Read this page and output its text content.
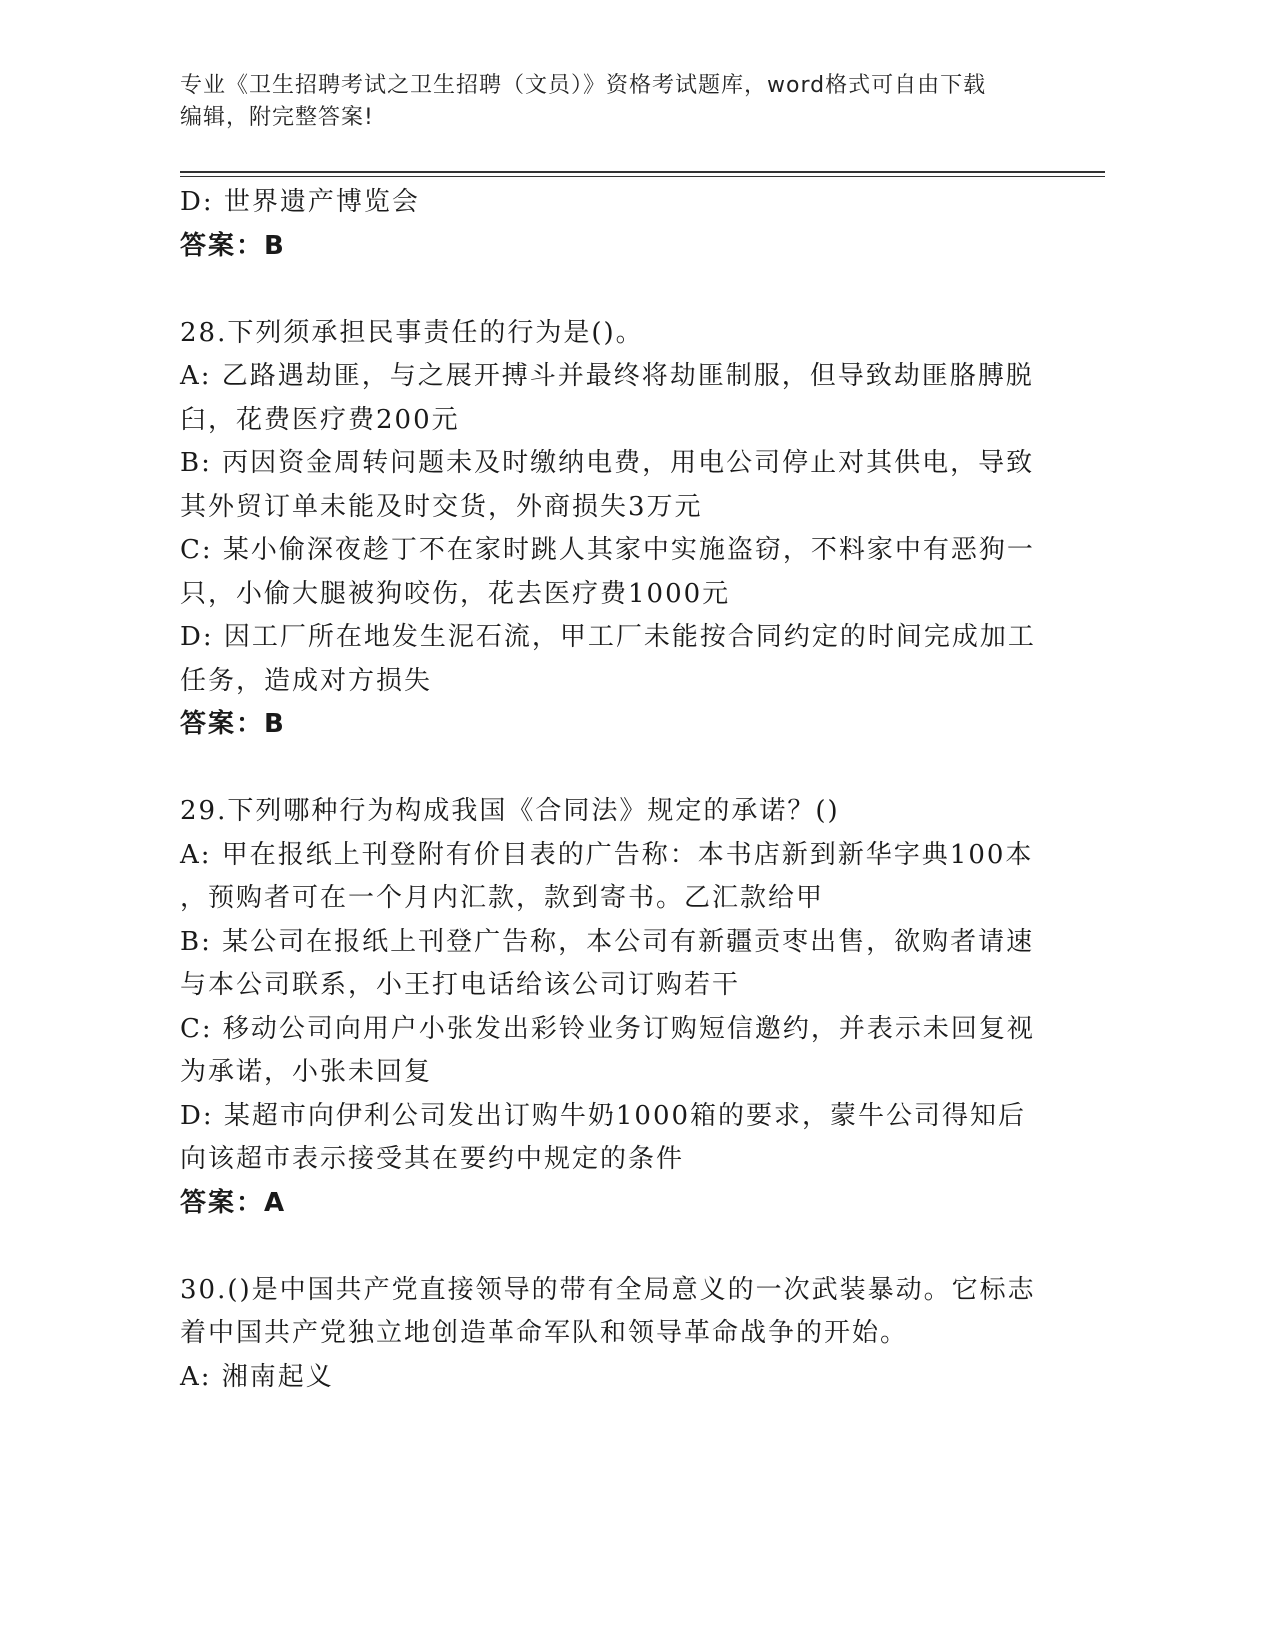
专业《卫生招聘考试之卫生招聘（文员）》资格考试题库，word格式可自由下载
编辑，附完整答案!
D: 世界遗产博览会
答案：B
28.下列须承担民事责任的行为是()。
A: 乙路遇劫匪，与之展开搏斗并最终将劫匪制服，但导致劫匪胳膊脱
臼，花费医疗费200元
B: 丙因资金周转问题未及时缴纳电费，用电公司停止对其供电，导致
其外贸订单未能及时交货，外商损失3万元
C: 某小偷深夜趁丁不在家时跳人其家中实施盗窃，不料家中有恶狗一
只，小偷大腿被狗咬伤，花去医疗费1000元
D: 因工厂所在地发生泥石流，甲工厂未能按合同约定的时间完成加工
任务，造成对方损失
答案：B
29.下列哪种行为构成我国《合同法》规定的承诺？()
A: 甲在报纸上刊登附有价目表的广告称：本书店新到新华字典100本
，预购者可在一个月内汇款，款到寄书。乙汇款给甲
B: 某公司在报纸上刊登广告称，本公司有新疆贡枣出售，欲购者请速
与本公司联系，小王打电话给该公司订购若干
C: 移动公司向用户小张发出彩铃业务订购短信邀约，并表示未回复视
为承诺，小张未回复
D: 某超市向伊利公司发出订购牛奶1000箱的要求，蒙牛公司得知后
向该超市表示接受其在要约中规定的条件
答案：A
30.()是中国共产党直接领导的带有全局意义的一次武装暴动。它标志
着中国共产党独立地创造革命军队和领导革命战争的开始。
A: 湘南起义
